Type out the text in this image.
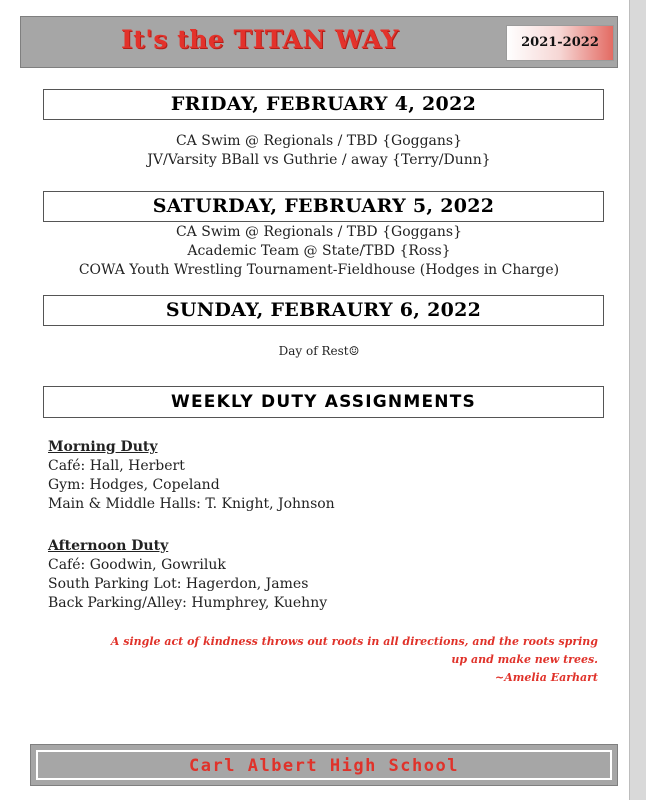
It's the TITAN WAY	2021-2022
FRIDAY, FEBRUARY 4, 2022
CA Swim @ Regionals / TBD {Goggans}
JV/Varsity BBall vs Guthrie / away {Terry/Dunn}
SATURDAY, FEBRUARY 5, 2022
CA Swim @ Regionals / TBD {Goggans}
Academic Team @ State/TBD {Ross}
COWA Youth Wrestling Tournament-Fieldhouse (Hodges in Charge)
SUNDAY, FEBRAURY 6, 2022
Day of Rest☺
WEEKLY DUTY ASSIGNMENTS
Morning Duty
Café: Hall, Herbert
Gym: Hodges, Copeland
Main & Middle Halls: T. Knight, Johnson
Afternoon Duty
Café: Goodwin, Gowriluk
South Parking Lot: Hagerdon, James
Back Parking/Alley: Humphrey, Kuehny
A single act of kindness throws out roots in all directions, and the roots spring
up and make new trees.
~Amelia Earhart
Carl Albert High School
